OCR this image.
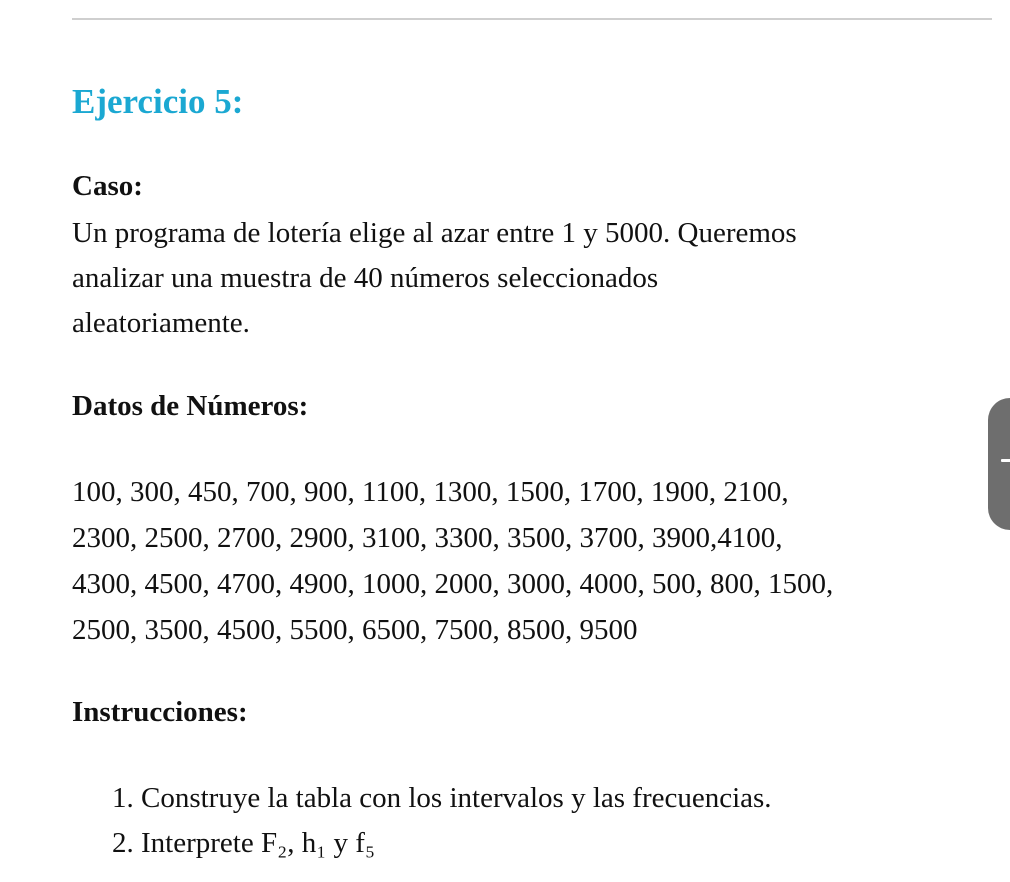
Ejercicio 5:
Caso:
Un programa de lotería elige al azar entre 1 y 5000. Queremos
analizar una muestra de 40 números seleccionados
aleatoriamente.
Datos de Números:
100, 300, 450, 700, 900, 1100, 1300, 1500, 1700, 1900, 2100,
2300, 2500, 2700, 2900, 3100, 3300, 3500, 3700, 3900,4100,
4300, 4500, 4700, 4900, 1000, 2000, 3000, 4000, 500, 800, 1500,
2500, 3500, 4500, 5500, 6500, 7500, 8500, 9500
Instrucciones:
1. Construye la tabla con los intervalos y las frecuencias.
2. Interprete F₂, h₁ y f₅
